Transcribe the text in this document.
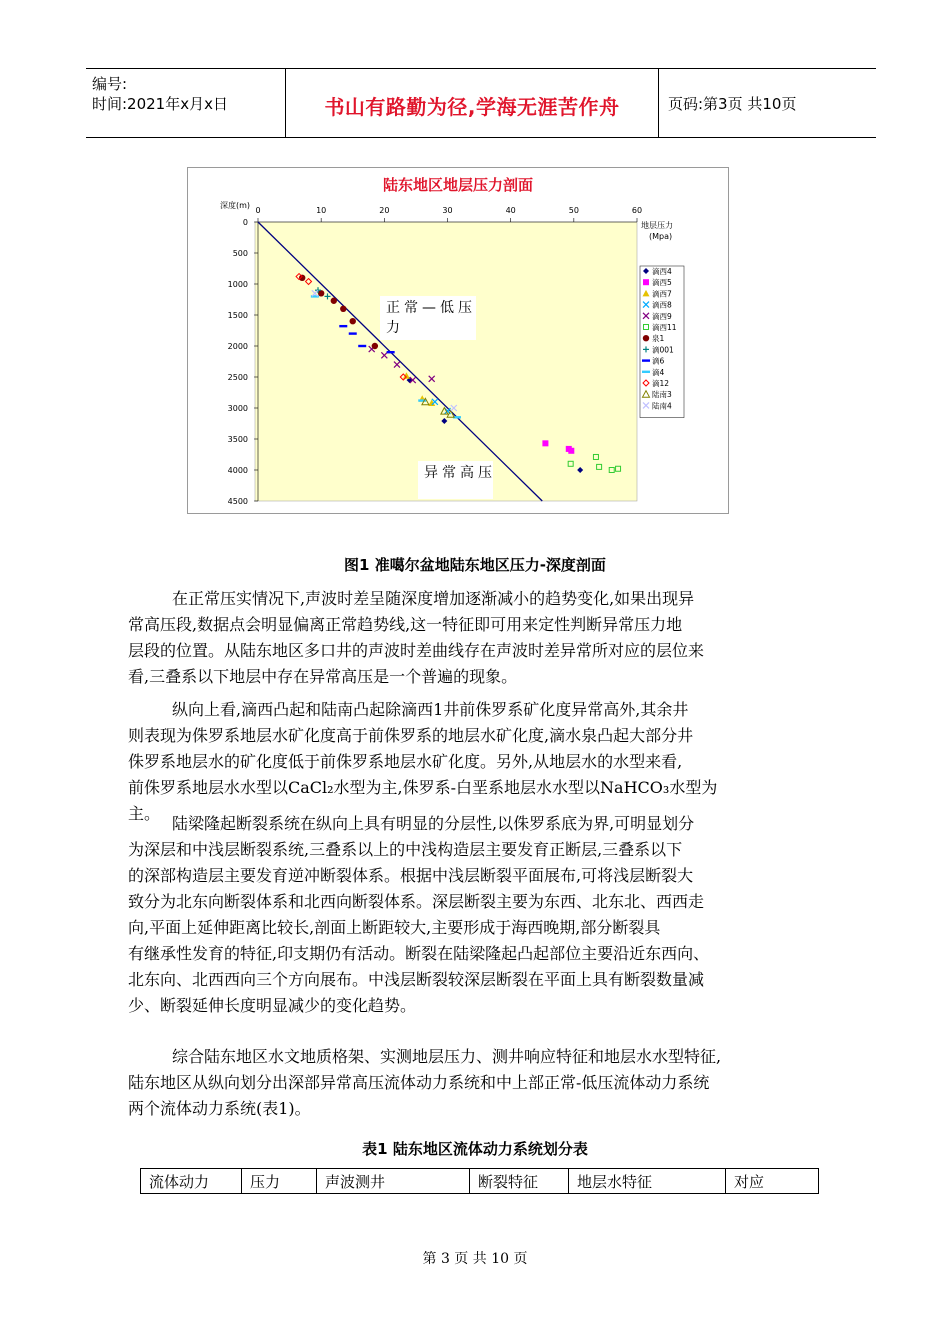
编号:
时间:2021年x月x日	书山有路勤为径,学海无涯苦作舟	页码:第3页 共10页
陆东地区地层压力剖面
深度(m)
地层压力(Mpa)
0	10	20	30	40	50	60
0
500
1000
1500
2000
2500
3000
3500
4000
4500
正常—低压力
异常高压
滴西4
滴西5
滴西7
滴西8
滴西9
滴西11
泉1
滴001
滴6
滴4
滴12
陆南3
陆南4
图1 准噶尔盆地陆东地区压力-深度剖面
在正常压实情况下,声波时差呈随深度增加逐渐减小的趋势变化,如果出现异
常高压段,数据点会明显偏离正常趋势线,这一特征即可用来定性判断异常压力地
层段的位置。从陆东地区多口井的声波时差曲线存在声波时差异常所对应的层位来
看,三叠系以下地层中存在异常高压是一个普遍的现象。
纵向上看,滴西凸起和陆南凸起除滴西1井前侏罗系矿化度异常高外,其余井
则表现为侏罗系地层水矿化度高于前侏罗系的地层水矿化度,滴水泉凸起大部分井
侏罗系地层水的矿化度低于前侏罗系地层水矿化度。另外,从地层水的水型来看,
前侏罗系地层水水型以CaCl₂水型为主,侏罗系-白垩系地层水水型以NaHCO₃水型为
主。
陆梁隆起断裂系统在纵向上具有明显的分层性,以侏罗系底为界,可明显划分
为深层和中浅层断裂系统,三叠系以上的中浅构造层主要发育正断层,三叠系以下
的深部构造层主要发育逆冲断裂体系。根据中浅层断裂平面展布,可将浅层断裂大
致分为北东向断裂体系和北西向断裂体系。深层断裂主要为东西、北东北、西西走
向,平面上延伸距离比较长,剖面上断距较大,主要形成于海西晚期,部分断裂具
有继承性发育的特征,印支期仍有活动。断裂在陆梁隆起凸起部位主要沿近东西向、
北东向、北西西向三个方向展布。中浅层断裂较深层断裂在平面上具有断裂数量减
少、断裂延伸长度明显减少的变化趋势。
综合陆东地区水文地质格架、实测地层压力、测井响应特征和地层水水型特征,
陆东地区从纵向划分出深部异常高压流体动力系统和中上部正常-低压流体动力系统
两个流体动力系统(表1)。
表1 陆东地区流体动力系统划分表
流体动力	压力	声波测井	断裂特征	地层水特征	对应
第 3 页 共 10 页
